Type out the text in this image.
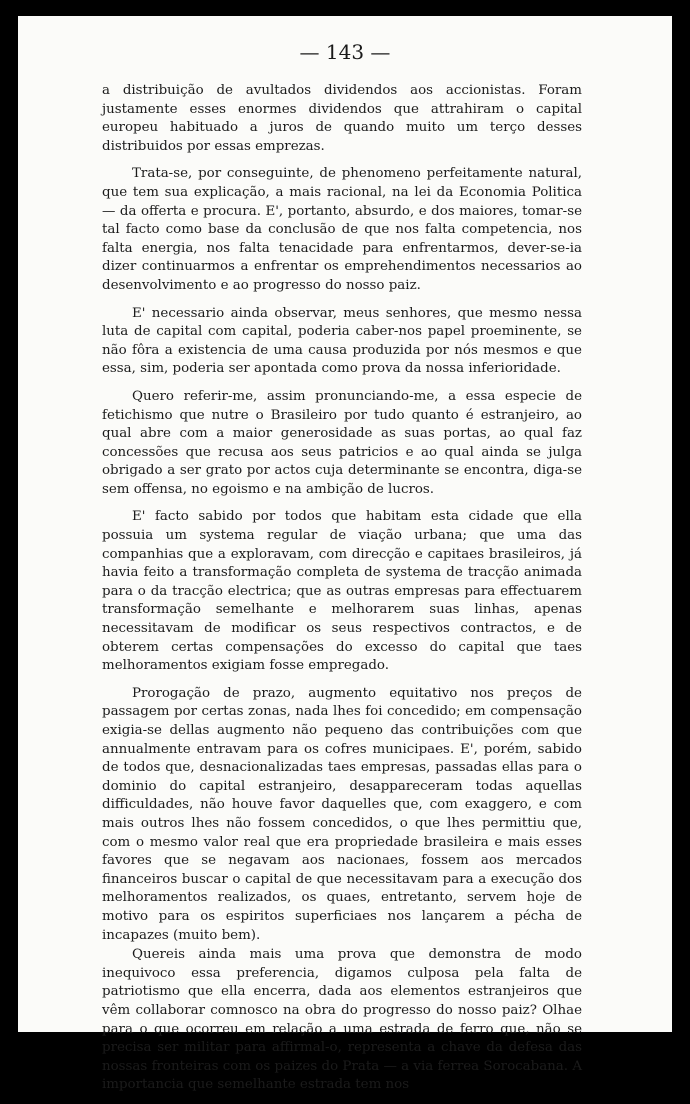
— 143 —

a distribuição de avultados dividendos aos accionistas. Foram justamente esses enormes dividendos que attrahiram o capital europeu habituado a juros de quando muito um terço desses distribuidos por essas emprezas.

Trata-se, por conseguinte, de phenomeno perfeitamente natural, que tem sua explicação, a mais racional, na lei da Economia Politica — da offerta e procura. E', portanto, absurdo, e dos maiores, tomar-se tal facto como base da conclusão de que nos falta competencia, nos falta energia, nos falta tenacidade para enfrentarmos, dever-se-ia dizer continuarmos a enfrentar os emprehendimentos necessarios ao desenvolvimento e ao progresso do nosso paiz.

E' necessario ainda observar, meus senhores, que mesmo nessa luta de capital com capital, poderia caber-nos papel proeminente, se não fôra a existencia de uma causa produzida por nós mesmos e que essa, sim, poderia ser apontada como prova da nossa inferioridade.

Quero referir-me, assim pronunciando-me, a essa especie de fetichismo que nutre o Brasileiro por tudo quanto é estranjeiro, ao qual abre com a maior generosidade as suas portas, ao qual faz concessões que recusa aos seus patricios e ao qual ainda se julga obrigado a ser grato por actos cuja determinante se encontra, diga-se sem offensa, no egoismo e na ambição de lucros.

E' facto sabido por todos que habitam esta cidade que ella possuia um systema regular de viação urbana; que uma das companhias que a exploravam, com direcção e capitaes brasileiros, já havia feito a transformação completa de systema de tracção animada para o da tracção electrica; que as outras empresas para effectuarem transformação semelhante e melhorarem suas linhas, apenas necessitavam de modificar os seus respectivos contractos, e de obterem certas compensações do excesso do capital que taes melhoramentos exigiam fosse empregado.

Prorogação de prazo, augmento equitativo nos preços de passagem por certas zonas, nada lhes foi concedido; em compensação exigia-se dellas augmento não pequeno das contribuições com que annualmente entravam para os cofres municipaes. E', porém, sabido de todos que, desnacionalizadas taes empresas, passadas ellas para o dominio do capital estranjeiro, desappareceram todas aquellas difficuldades, não houve favor daquelles que, com exaggero, e com mais outros lhes não fossem concedidos, o que lhes permittiu que, com o mesmo valor real que era propriedade brasileira e mais esses favores que se negavam aos nacionaes, fossem aos mercados financeiros buscar o capital de que necessitavam para a execução dos melhoramentos realizados, os quaes, entretanto, servem hoje de motivo para os espiritos superficiaes nos lançarem a pécha de incapazes (muito bem).

Quereis ainda mais uma prova que demonstra de modo inequivoco essa preferencia, digamos culposa pela falta de patriotismo que ella encerra, dada aos elementos estranjeiros que vêm collaborar comnosco na obra do progresso do nosso paiz? Olhae para o que ocorreu em relação a uma estrada de ferro que, não se precisa ser militar para affirmal-o, representa a chave da defesa das nossas fronteiras com os paizes do Prata — a via ferrea Sorocabana. A importancia que semelhante estrada tem nos
